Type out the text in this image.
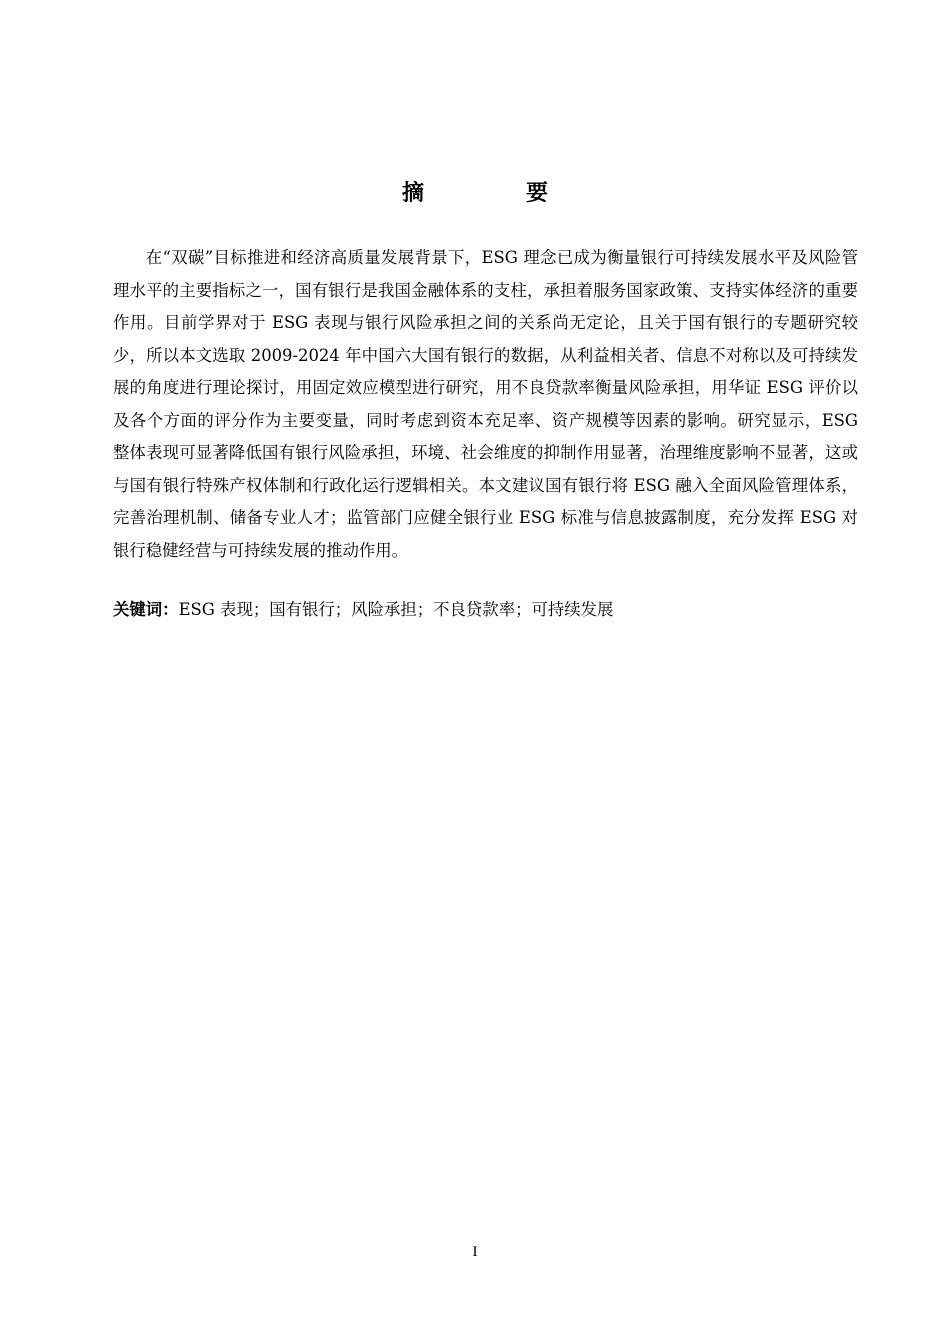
摘　要

在“双碳”目标推进和经济高质量发展背景下，ESG 理念已成为衡量银行可持续发展水平及风险管理水平的主要指标之一，国有银行是我国金融体系的支柱，承担着服务国家政策、支持实体经济的重要作用。目前学界对于 ESG 表现与银行风险承担之间的关系尚无定论，且关于国有银行的专题研究较少，所以本文选取 2009-2024 年中国六大国有银行的数据，从利益相关者、信息不对称以及可持续发展的角度进行理论探讨，用固定效应模型进行研究，用不良贷款率衡量风险承担，用华证 ESG 评价以及各个方面的评分作为主要变量，同时考虑到资本充足率、资产规模等因素的影响。研究显示，ESG 整体表现可显著降低国有银行风险承担，环境、社会维度的抑制作用显著，治理维度影响不显著，这或与国有银行特殊产权体制和行政化运行逻辑相关。本文建议国有银行将 ESG 融入全面风险管理体系，完善治理机制、储备专业人才；监管部门应健全银行业 ESG 标准与信息披露制度，充分发挥 ESG 对银行稳健经营与可持续发展的推动作用。

关键词：ESG 表现；国有银行；风险承担；不良贷款率；可持续发展

I
